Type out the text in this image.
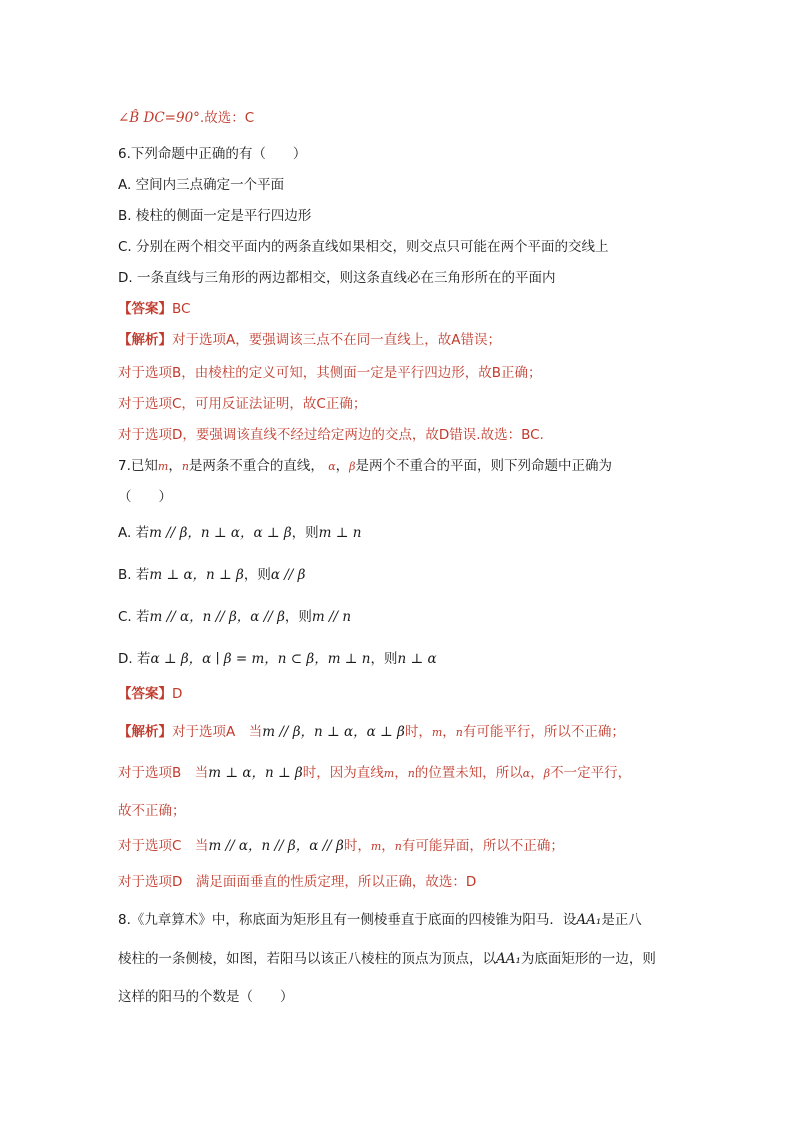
∠B̂ DC=90°.故选：C
6.下列命题中正确的有（　　）
A. 空间内三点确定一个平面
B. 棱柱的侧面一定是平行四边形
C. 分别在两个相交平面内的两条直线如果相交，则交点只可能在两个平面的交线上
D. 一条直线与三角形的两边都相交，则这条直线必在三角形所在的平面内
【答案】BC
【解析】对于选项A，要强调该三点不在同一直线上，故A错误；
对于选项B，由棱柱的定义可知，其侧面一定是平行四边形，故B正确；
对于选项C，可用反证法证明，故C正确；
对于选项D，要强调该直线不经过给定两边的交点，故D错误.故选：BC.
7.已知m，n是两条不重合的直线， α，β是两个不重合的平面，则下列命题中正确为
（　　）
A. 若m // β，n ⊥ α，α ⊥ β，则m ⊥ n
B. 若m ⊥ α，n ⊥ β，则α // β
C. 若m // α，n // β，α // β，则m // n
D. 若α ⊥ β，α ∣ β = m，n ⊂ β，m ⊥ n，则n ⊥ α
【答案】D
【解析】对于选项A　当m // β，n ⊥ α，α ⊥ β时，m，n有可能平行，所以不正确；
对于选项B　当m ⊥ α，n ⊥ β时，因为直线m，n的位置未知，所以α，β不一定平行，
故不正确；
对于选项C　当m // α，n // β，α // β时，m，n有可能异面，所以不正确；
对于选项D　满足面面垂直的性质定理，所以正确，故选：D
8.《九章算术》中，称底面为矩形且有一侧棱垂直于底面的四棱锥为阳马．设AA₁是正八
棱柱的一条侧棱，如图，若阳马以该正八棱柱的顶点为顶点，以AA₁为底面矩形的一边，则
这样的阳马的个数是（　　）
